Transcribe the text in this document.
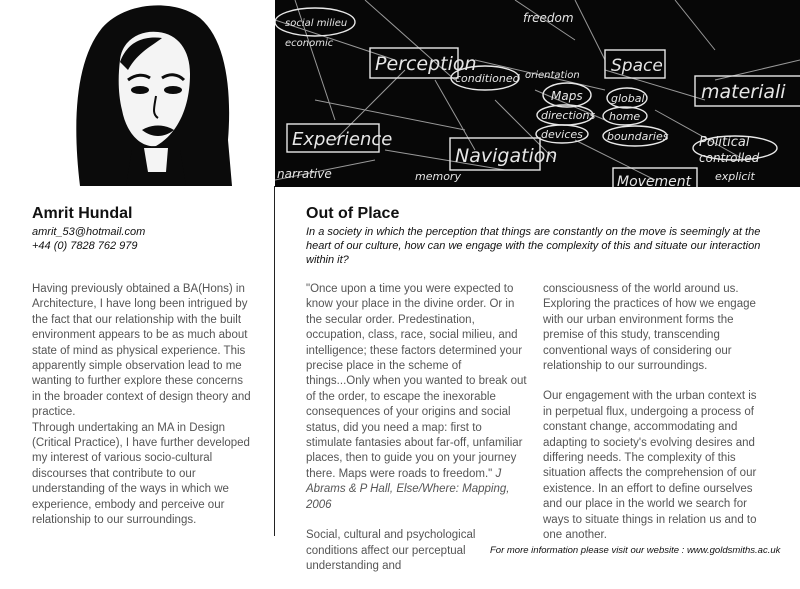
Perception
Experience
Navigation
Space
materiali
Movement
Maps
directions
devices
global
home
boundaries Political
controlled
conditioned
narrative	memory
freedom
orientation
social milieu
economic
explicit
Amrit Hundal
amrit_53@hotmail.com
+44 (0) 7828 762 979

Having previously obtained a BA(Hons) in Architecture, I have long been intrigued by the fact that our relationship with the built environment appears to be as much about state of mind as physical experience. This apparently simple observation lead to me wanting to further explore these concerns in the broader context of design theory and practice.

Through undertaking an MA in Design (Critical Practice), I have further developed my interest of various socio-cultural discourses that contribute to our understanding of the ways in which we experience, embody and perceive our relationship to our surroundings.

Out of Place
In a society in which the perception that things are constantly on the move is seemingly at the heart of our culture, how can we engage with the complexity of this and situate our interaction within it?

"Once upon a time you were expected to know your place in the divine order. Or in the secular order. Predestination, occupation, class, race, social milieu, and intelligence; these factors determined your precise place in the scheme of things...Only when you wanted to break out of the order, to escape the inexorable consequences of your origins and social status, did you need a map: first to stimulate fantasies about far-off, unfamiliar places, then to guide you on your journey there. Maps were roads to freedom." J Abrams & P Hall, Else/Where: Mapping, 2006

Social, cultural and psychological conditions affect our perceptual understanding and

consciousness of the world around us. Exploring the practices of how we engage with our urban environment forms the premise of this study, transcending conventional ways of considering our relationship to our surroundings.

Our engagement with the urban context is in perpetual flux, undergoing a process of constant change, accommodating and adapting to society's evolving desires and differing needs. The complexity of this situation affects the comprehension of our existence. In an effort to define ourselves and our place in the world we search for ways to situate things in relation us and to one another.

For more information please visit our website : www.goldsmiths.ac.uk
